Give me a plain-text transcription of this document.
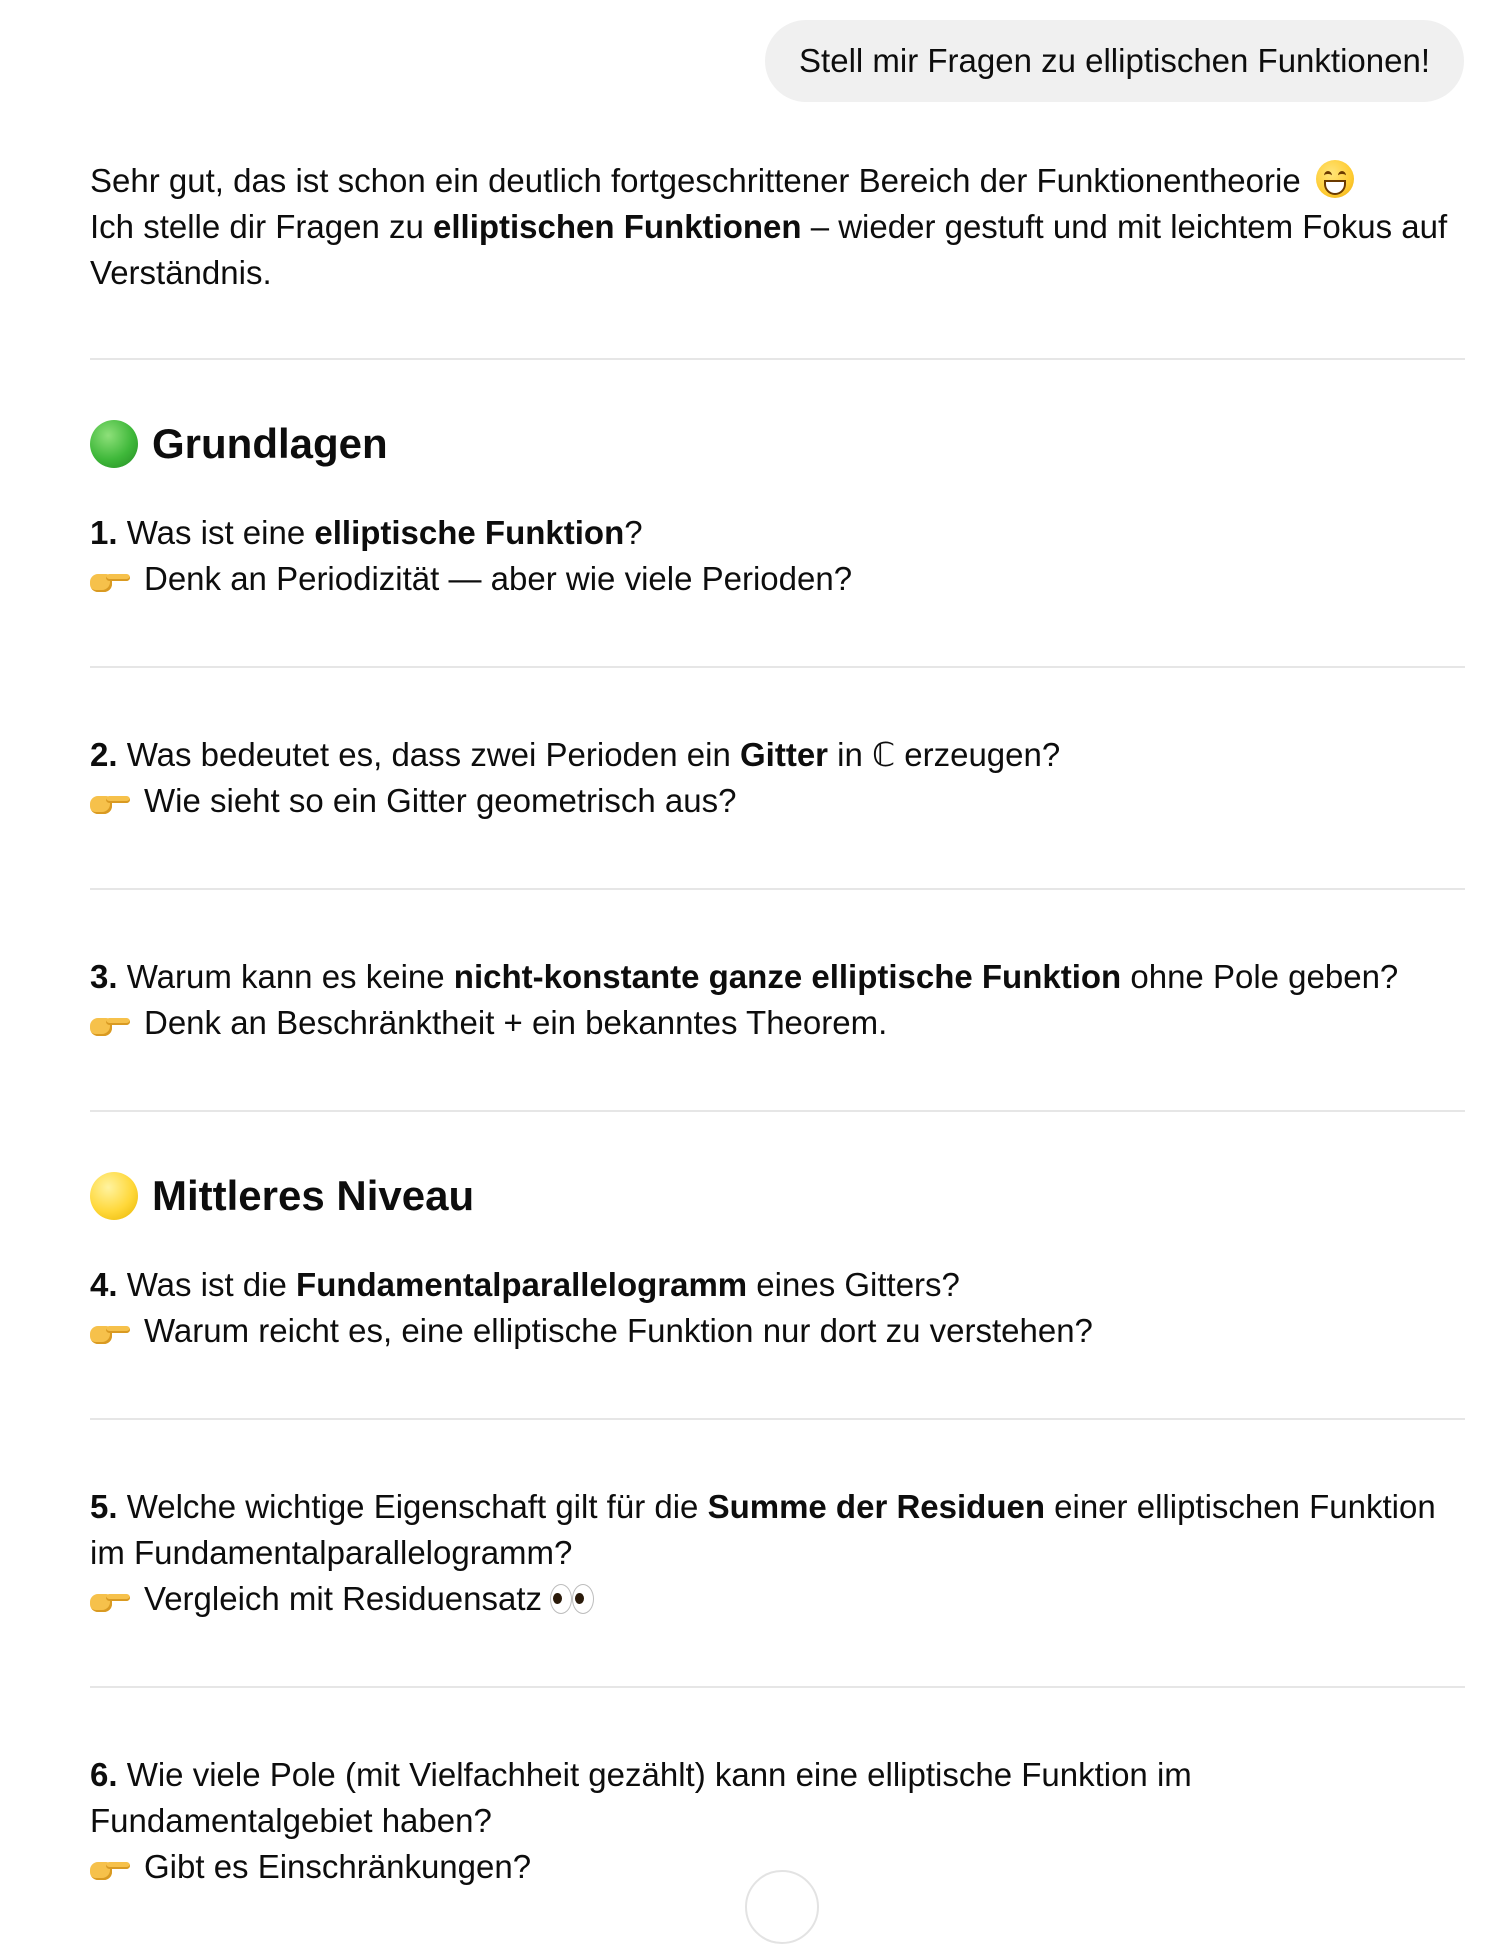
Stell mir Fragen zu elliptischen Funktionen!

Sehr gut, das ist schon ein deutlich fortgeschrittener Bereich der Funktionentheorie

Ich stelle dir Fragen zu elliptischen Funktionen – wieder gestuft und mit leichtem Fokus auf Verständnis.

Grundlagen

1. Was ist eine elliptische Funktion?
Denk an Periodizität — aber wie viele Perioden?

2. Was bedeutet es, dass zwei Perioden ein Gitter in ℂ erzeugen?
Wie sieht so ein Gitter geometrisch aus?

3. Warum kann es keine nicht-konstante ganze elliptische Funktion ohne Pole geben?
Denk an Beschränktheit + ein bekanntes Theorem.

Mittleres Niveau

4. Was ist die Fundamentalparallelogramm eines Gitters?
Warum reicht es, eine elliptische Funktion nur dort zu verstehen?

5. Welche wichtige Eigenschaft gilt für die Summe der Residuen einer elliptischen Funktion im Fundamentalparallelogramm?
Vergleich mit Residuensatz

6. Wie viele Pole (mit Vielfachheit gezählt) kann eine elliptische Funktion im Fundamentalgebiet haben?
Gibt es Einschränkungen?
